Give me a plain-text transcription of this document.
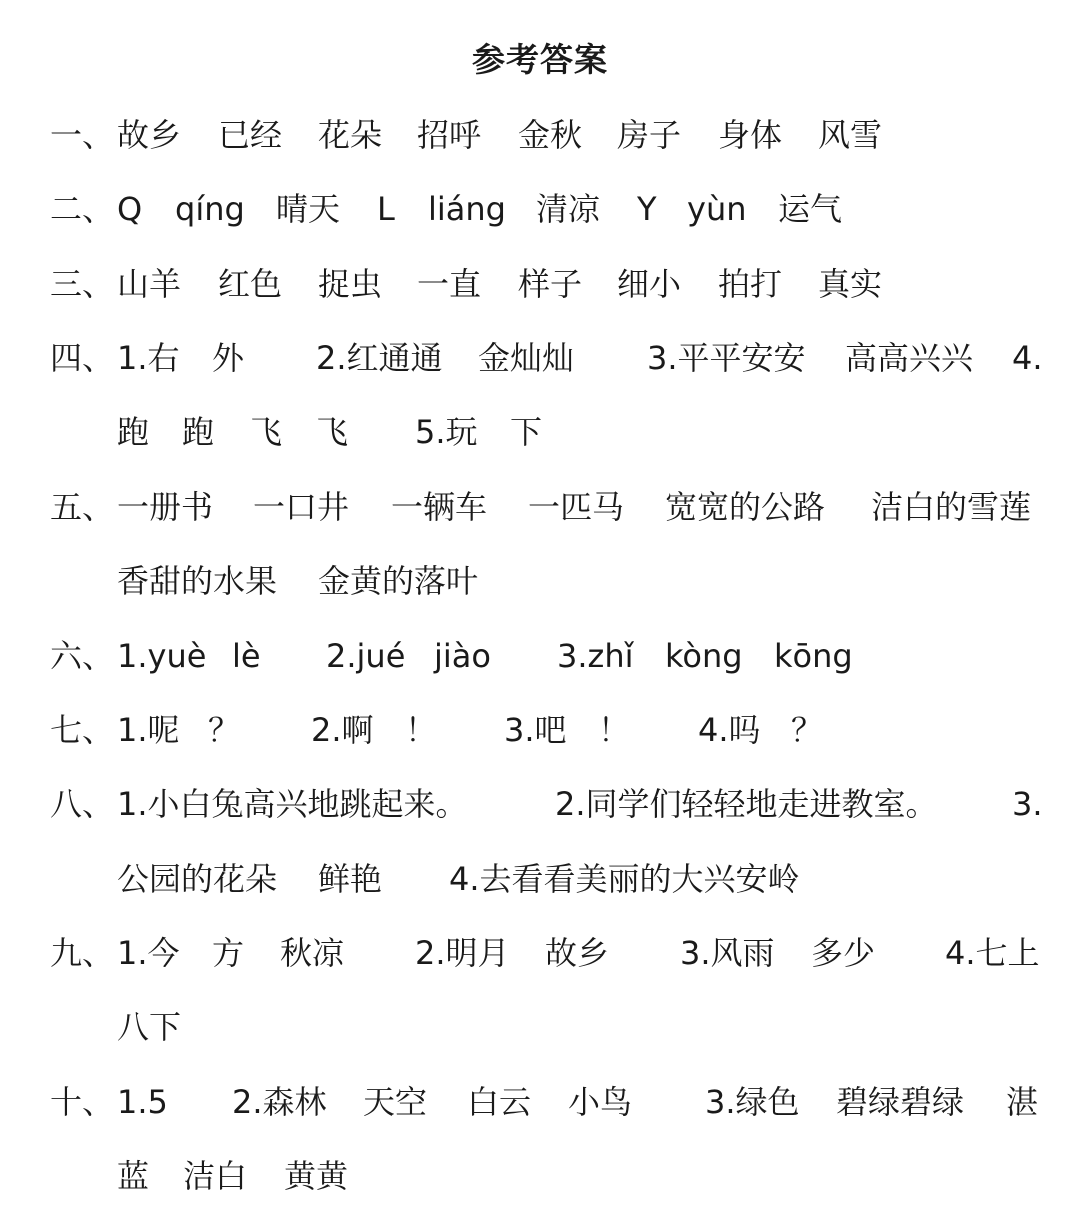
参考答案
一、 故乡 已经 花朵 招呼 金秋 房子 身体 风雪
二、 Q qíng 晴天 L liáng 清凉 Y yùn 运气
三、 山羊 红色 捉虫 一直 样子 细小 拍打 真实
四、 1.右 外 2.红通通 金灿灿 3.平平安安 高高兴兴 4.
跑 跑 飞 飞 5.玩 下
五、 一册书 一口井 一辆车 一匹马 宽宽的公路 洁白的雪莲
香甜的水果 金黄的落叶
六、 1.yuè lè 2.jué jiào 3.zhǐ kòng kōng
七、 1.呢 ？ 2.啊 ！ 3.吧 ！ 4.吗 ？
八、 1.小白兔高兴地跳起来。	2.同学们轻轻地走进教室。 3.
公园的花朵 鲜艳 4.去看看美丽的大兴安岭
九、 1.今 方 秋凉 2.明月 故乡 3.风雨 多少 4.七上
八下
十、 1.5 2.森林 天空 白云 小鸟 3.绿色 碧绿碧绿 湛
蓝 洁白 黄黄
